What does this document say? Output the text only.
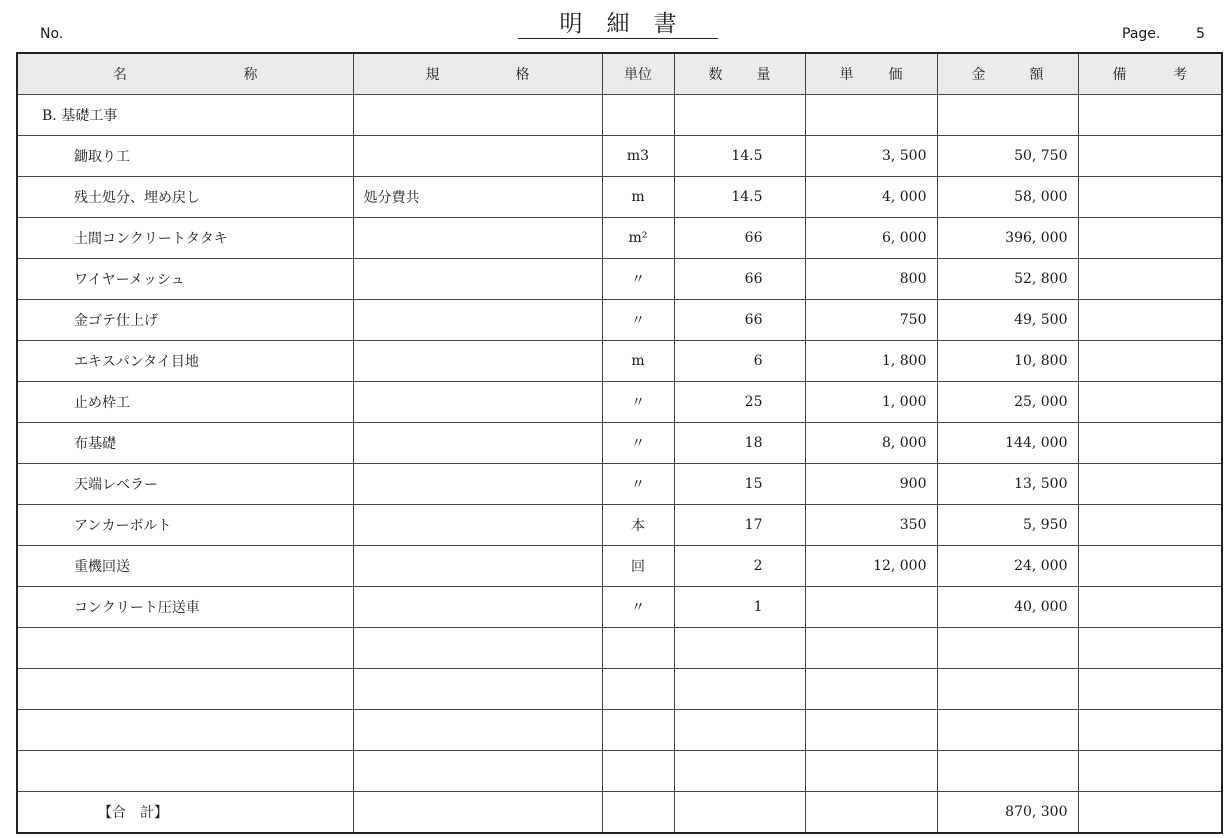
No.	明細書	Page.	5
名 称	規 格	単位	数 量	単 価	金 額	備 考

B. 基礎工事						
鋤取り工		m3	14.5	3, 500	50, 750	
残土処分、埋め戻し	処分費共	m	14.5	4, 000	58, 000	
土間コンクリートタタキ		m²	66	6, 000	396, 000	
ワイヤーメッシュ		〃	66	800	52, 800	
金ゴテ仕上げ		〃	66	750	49, 500	
エキスパンタイ目地		m	6	1, 800	10, 800	
止め枠工		〃	25	1, 000	25, 000	
布基礎		〃	18	8, 000	144, 000	
天端レベラー		〃	15	900	13, 500	
アンカーボルト		本	17	350	5, 950	
重機回送		回	2	12, 000	24, 000	
コンクリート圧送車		〃	1		40, 000	

【合　計】					870, 300	
